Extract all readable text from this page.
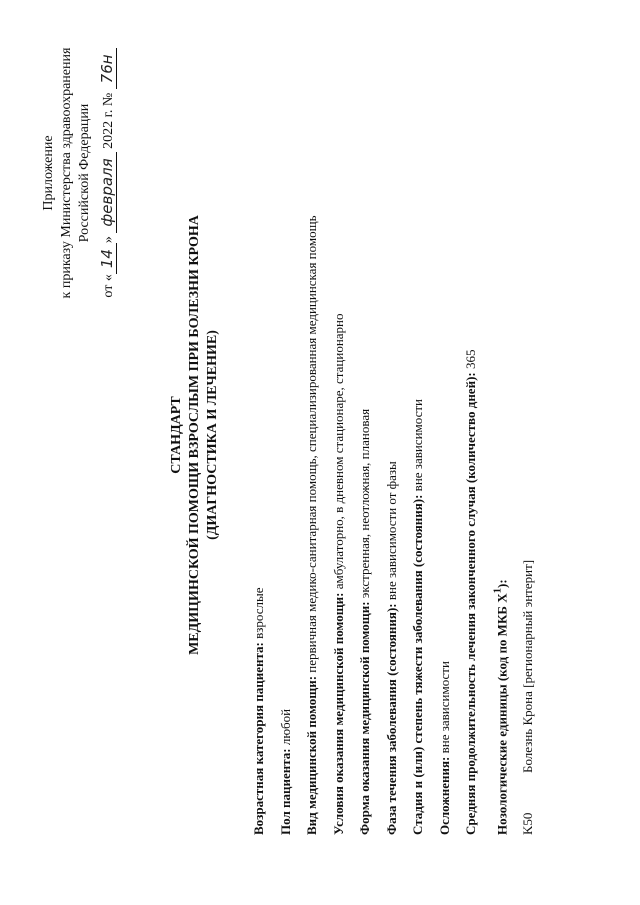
Приложение к приказу Министерства здравоохранения Российской Федерации
от «14» февраля 2022 г. № 76н
СТАНДАРТ МЕДИЦИНСКОЙ ПОМОЩИ ВЗРОСЛЫМ ПРИ БОЛЕЗНИ КРОНА (ДИАГНОСТИКА И ЛЕЧЕНИЕ)
Возрастная категория пациента: взрослые
Пол пациента: любой Вид медицинской помощи: первичная медико-санитарная помощь, специализированная медицинская помощь
Условия оказания медицинской помощи: амбулаторно, в дневном стационаре, стационарно
Форма оказания медицинской помощи: экстренная, неотложная, плановая
Фаза течения заболевания (состояния): вне зависимости от фазы Стадия и (или) степень тяжести заболевания (состояния): вне зависимости
Осложнения: вне зависимости Средняя продолжительность лечения законченного случая (количество дней): 365
Нозологические единицы (код по МКБ $X^1$):
K50Болезнь Крона [регионарный энтерит]
